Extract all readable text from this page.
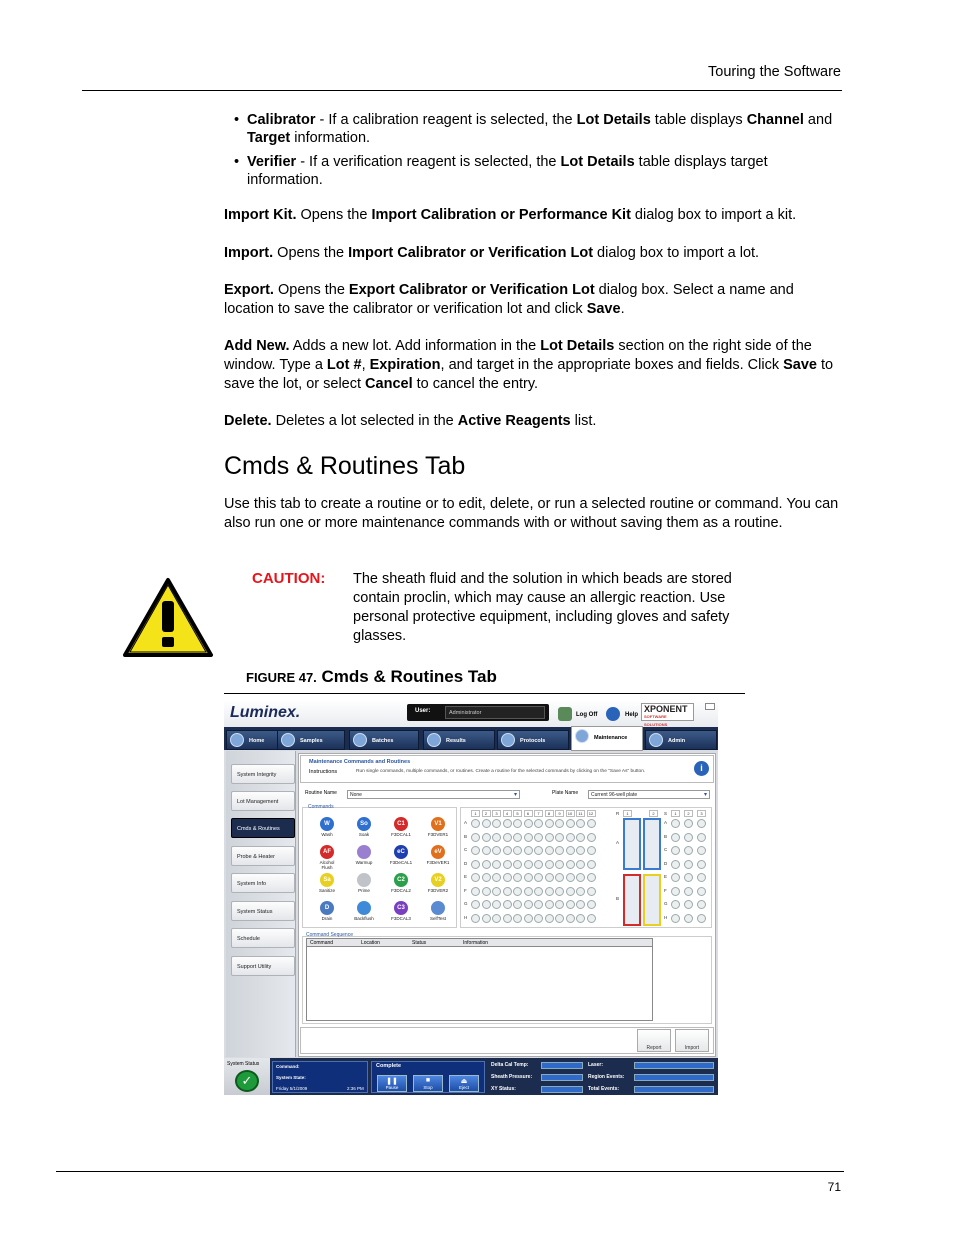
Touring the Software
• Calibrator - If a calibration reagent is selected, the Lot Details table displays Channel and Target information.
• Verifier - If a verification reagent is selected, the Lot Details table displays target information.
Import Kit. Opens the Import Calibration or Performance Kit dialog box to import a kit.
Import. Opens the Import Calibrator or Verification Lot dialog box to import a lot.
Export. Opens the Export Calibrator or Verification Lot dialog box. Select a name and location to save the calibrator or verification lot and click Save.
Add New. Adds a new lot. Add information in the Lot Details section on the right side of the window. Type a Lot #, Expiration, and target in the appropriate boxes and fields. Click Save to save the lot, or select Cancel to cancel the entry.
Delete. Deletes a lot selected in the Active Reagents list.
Cmds & Routines Tab
Use this tab to create a routine or to edit, delete, or run a selected routine or command. You can also run one or more maintenance commands with or without saving them as a routine.
CAUTION: The sheath fluid and the solution in which beads are stored contain proclin, which may cause an allergic reaction. Use personal protective equipment, including gloves and safety glasses.
FIGURE 47. Cmds & Routines Tab
Luminex.	User:	Administrator	Log Off	Help
XPONENT
SOFTWARE SOLUTIONS
Home	Samples	Batches	Results	Protocols	Maintenance	Admin
System Integrity
Lot Management
Cmds & Routines
Probe & Heater
System Info
System Status
Schedule
Support Utility
Maintenance Commands and Routines
Instructions	Run single commands, multiple commands, or routines. Create a routine for the selected commands by clicking on the "Save As" button.	i
Routine Name	None ▾	Plate Name	Current 96-well plate ▾
Commands
W
Wash
So
Soak
C1
F3DCAL1
V1
F3DVER1
AF
Alcohol Flush
Warmup
eC
F3DeCAL1
eV
F3DeVER1
Sa
Sanitize	Prime
C2
F3DCAL2
V2
F3DVER2
D
Drain	Backflush
C3
F3DCAL3	SelfTest
1	2	3	4	5	6	7	8	9	10	11	12
A
B
C
D
E
F
G
H
R	1	2
A
B
S	1	2	3
A
B
C
D
E
F
G
H
Command Sequence
Command	Location	Status	Information
Report	Import
System Status
✓
Command:
System State:
Friday 5/1/2009	2:36 PM
Complete
❚❚ Pause	■ Stop	⏏ Eject
Delta Cal Temp:
Sheath Pressure:
XY Status:
Laser:
Region Events:
Total Events:
71
